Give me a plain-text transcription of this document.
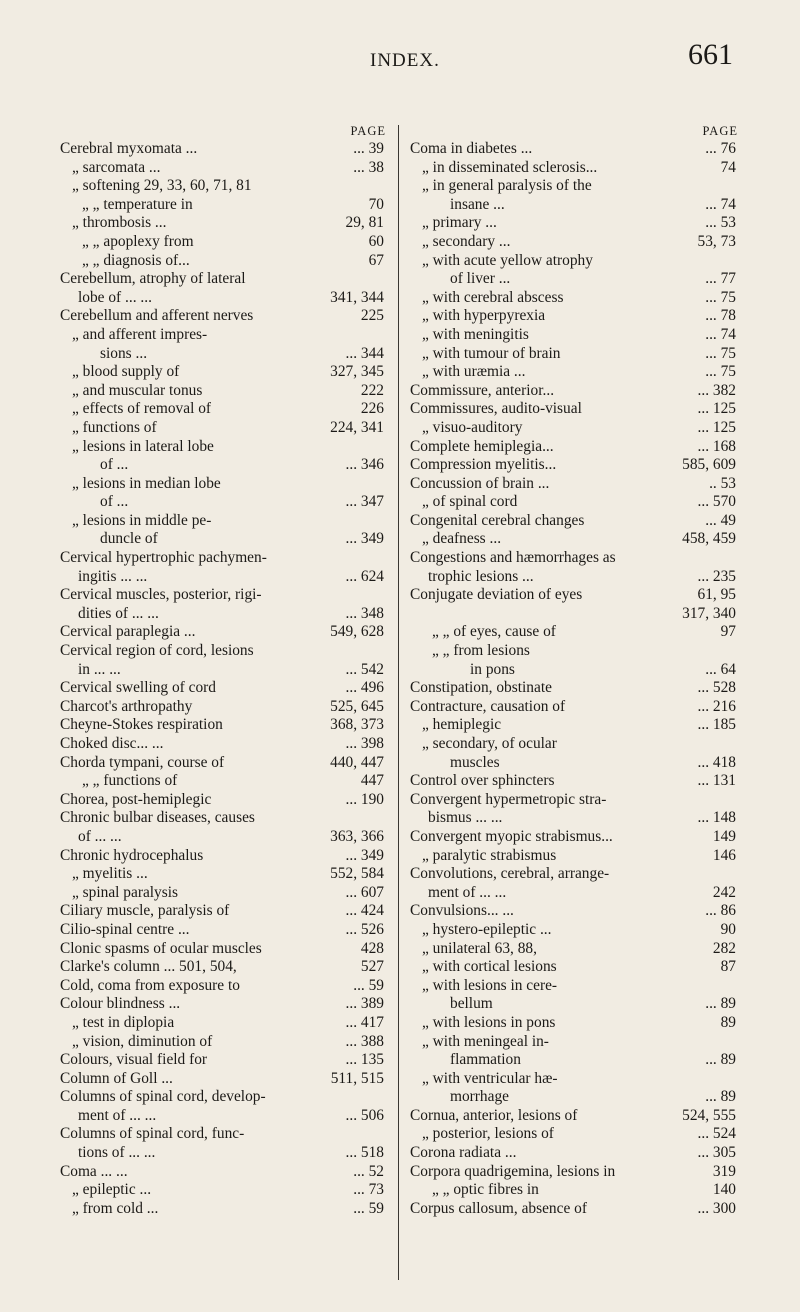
INDEX.	661
PAGE
Cerebral myxomata ...	... 39
„ sarcomata ...	... 38
„ softening 29, 33, 60, 71, 81
„ „ temperature in	70
„ thrombosis ...	29, 81
„ „ apoplexy from	60
„ „ diagnosis of...	67
Cerebellum, atrophy of lateral
lobe of ... ...	341, 344
Cerebellum and afferent nerves	225
„ and afferent impres-
sions ...	... 344
„ blood supply of	327, 345
„ and muscular tonus	222
„ effects of removal of	226
„ functions of	224, 341
„ lesions in lateral lobe
of ...	... 346
„ lesions in median lobe
of ...	... 347
„ lesions in middle pe-
duncle of	... 349
Cervical hypertrophic pachymen-
ingitis ... ...	... 624
Cervical muscles, posterior, rigi-
dities of ... ...	... 348
Cervical paraplegia ...	549, 628
Cervical region of cord, lesions
in ... ...	... 542
Cervical swelling of cord	... 496
Charcot's arthropathy	525, 645
Cheyne-Stokes respiration	368, 373
Choked disc... ...	... 398
Chorda tympani, course of	440, 447
„ „ functions of	447
Chorea, post-hemiplegic	... 190
Chronic bulbar diseases, causes
of ... ...	363, 366
Chronic hydrocephalus	... 349
„ myelitis ...	552, 584
„ spinal paralysis	... 607
Ciliary muscle, paralysis of	... 424
Cilio-spinal centre ...	... 526
Clonic spasms of ocular muscles	428
Clarke's column ... 501, 504,	527
Cold, coma from exposure to	... 59
Colour blindness ...	... 389
„ test in diplopia	... 417
„ vision, diminution of	... 388
Colours, visual field for	... 135
Column of Goll ...	511, 515
Columns of spinal cord, develop-
ment of ... ...	... 506
Columns of spinal cord, func-
tions of ... ...	... 518
Coma ... ...	... 52
„ epileptic ...	... 73
„ from cold ...	... 59
PAGE
Coma in diabetes ...	... 76
„ in disseminated sclerosis...	74
„ in general paralysis of the
insane ...	... 74
„ primary ...	... 53
„ secondary ...	53, 73
„ with acute yellow atrophy
of liver ...	... 77
„ with cerebral abscess	... 75
„ with hyperpyrexia	... 78
„ with meningitis	... 74
„ with tumour of brain	... 75
„ with uræmia ...	... 75
Commissure, anterior...	... 382
Commissures, audito-visual	... 125
„ visuo-auditory	... 125
Complete hemiplegia...	... 168
Compression myelitis...	585, 609
Concussion of brain ...	.. 53
„ of spinal cord	... 570
Congenital cerebral changes	... 49
„ deafness ...	458, 459
Congestions and hæmorrhages as
trophic lesions ...	... 235
Conjugate deviation of eyes	61, 95
317, 340
„ „ of eyes, cause of	97
„ „ from lesions
in pons	... 64
Constipation, obstinate	... 528
Contracture, causation of	... 216
„ hemiplegic	... 185
„ secondary, of ocular
muscles	... 418
Control over sphincters	... 131
Convergent hypermetropic stra-
bismus ... ...	... 148
Convergent myopic strabismus...	149
„ paralytic strabismus	146
Convolutions, cerebral, arrange-
ment of ... ...	242
Convulsions... ...	... 86
„ hystero-epileptic ...	90
„ unilateral 63, 88,	282
„ with cortical lesions	87
„ with lesions in cere-
bellum	... 89
„ with lesions in pons	89
„ with meningeal in-
flammation	... 89
„ with ventricular hæ-
morrhage	... 89
Cornua, anterior, lesions of	524, 555
„ posterior, lesions of	... 524
Corona radiata ...	... 305
Corpora quadrigemina, lesions in	319
„ „ optic fibres in	140
Corpus callosum, absence of	... 300
